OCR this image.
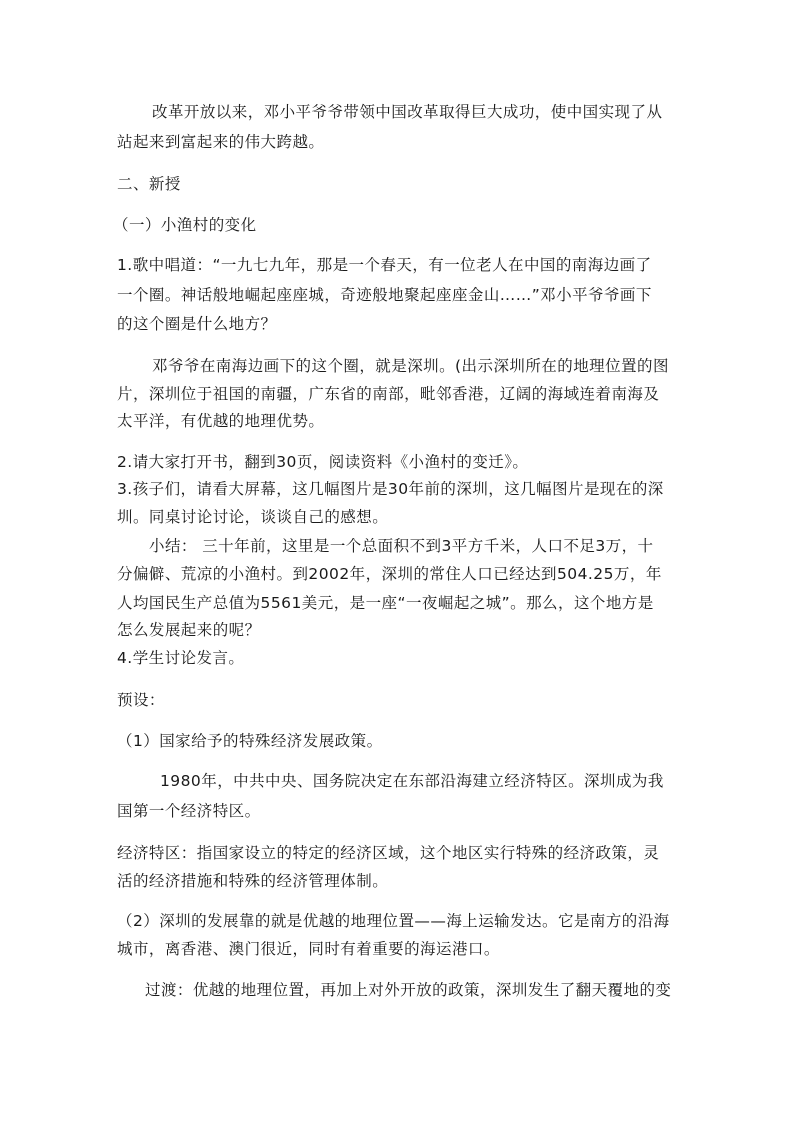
改革开放以来，邓小平爷爷带领中国改革取得巨大成功，使中国实现了从
站起来到富起来的伟大跨越。
二、新授
（一）小渔村的变化
1.歌中唱道：“一九七九年，那是一个春天，有一位老人在中国的南海边画了
一个圈。神话般地崛起座座城，奇迹般地聚起座座金山……”邓小平爷爷画下
的这个圈是什么地方？
邓爷爷在南海边画下的这个圈，就是深圳。(出示深圳所在的地理位置的图
片，深圳位于祖国的南疆，广东省的南部，毗邻香港，辽阔的海域连着南海及
太平洋，有优越的地理优势。
2.请大家打开书，翻到30页，阅读资料《小渔村的变迁》。
3.孩子们，请看大屏幕，这几幅图片是30年前的深圳，这几幅图片是现在的深
圳。同桌讨论讨论，谈谈自己的感想。
小结： 三十年前，这里是一个总面积不到3平方千米，人口不足3万，十
分偏僻、荒凉的小渔村。到2002年，深圳的常住人口已经达到504.25万，年
人均国民生产总值为5561美元，是一座“一夜崛起之城”。那么，这个地方是
怎么发展起来的呢？
4.学生讨论发言。
预设：
（1）国家给予的特殊经济发展政策。
1980年，中共中央、国务院决定在东部沿海建立经济特区。深圳成为我
国第一个经济特区。
经济特区：指国家设立的特定的经济区域，这个地区实行特殊的经济政策，灵
活的经济措施和特殊的经济管理体制。
（2）深圳的发展靠的就是优越的地理位置——海上运输发达。它是南方的沿海
城市，离香港、澳门很近，同时有着重要的海运港口。
过渡：优越的地理位置，再加上对外开放的政策，深圳发生了翻天覆地的变
